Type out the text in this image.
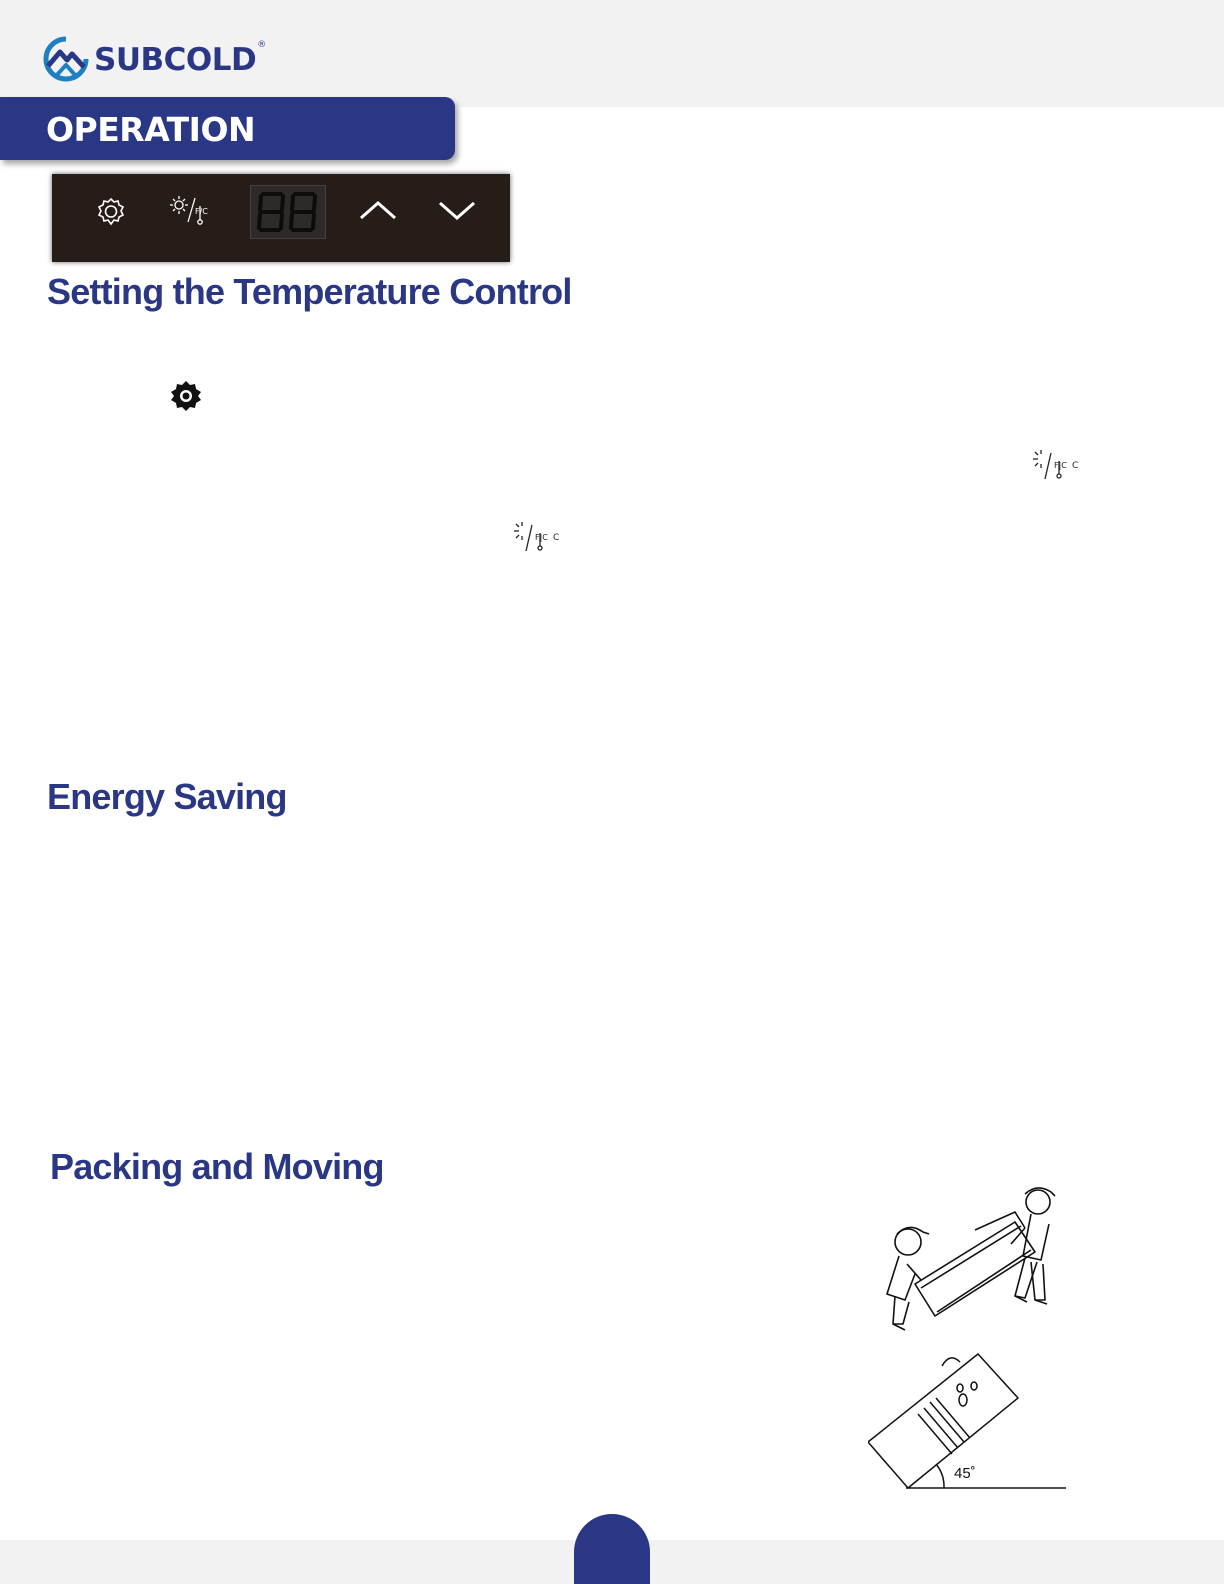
SUBCOLD ®
OPERATION
F/C
Setting the Temperature Control
F|C C
F|C C
Energy Saving
Packing and Moving
45˚
